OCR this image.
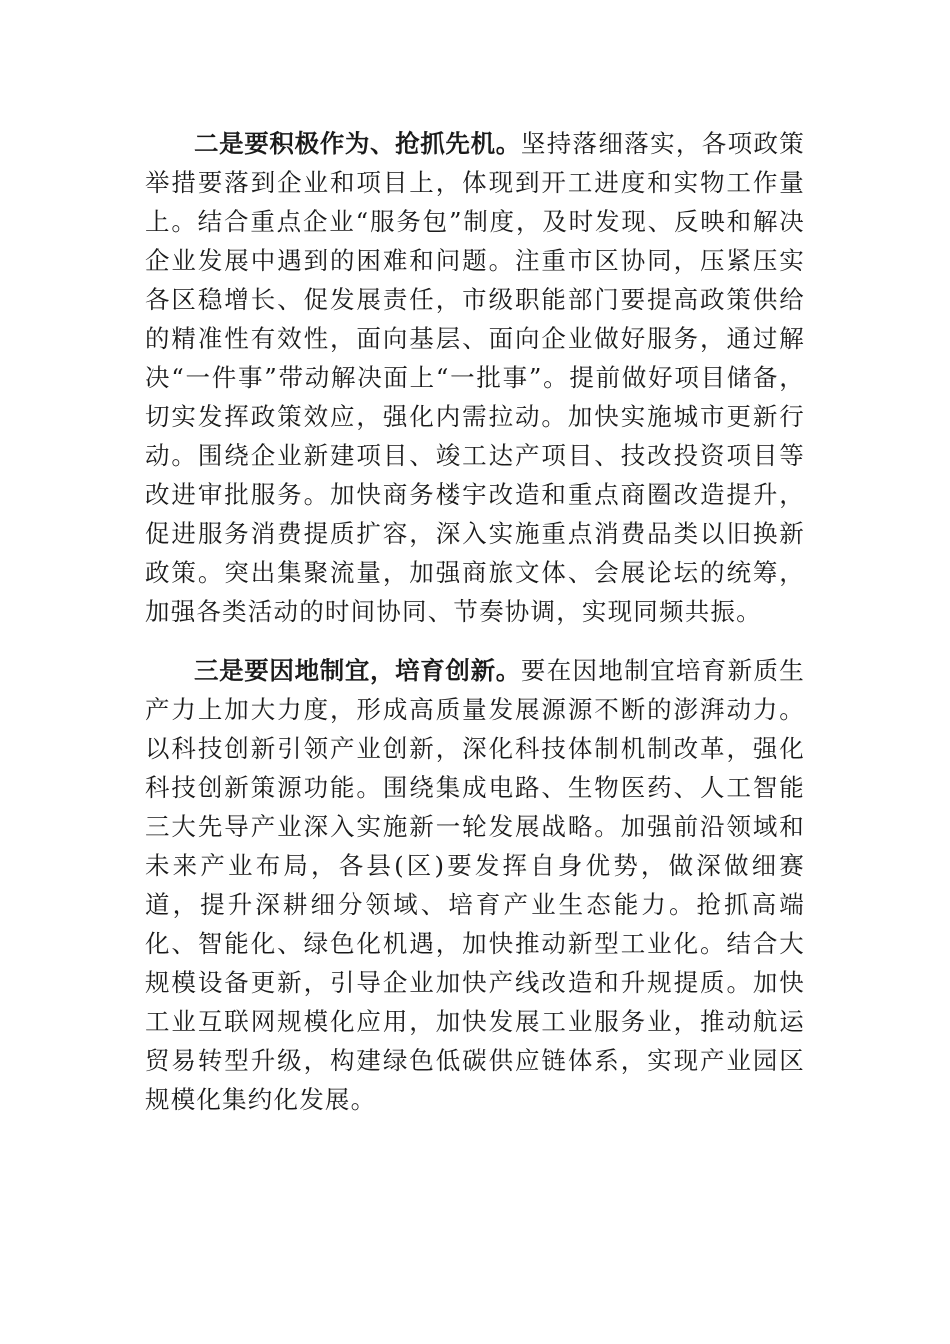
二是要积极作为、抢抓先机。坚持落细落实，各项政策举措要落到企业和项目上，体现到开工进度和实物工作量上。结合重点企业“服务包”制度，及时发现、反映和解决企业发展中遇到的困难和问题。注重市区协同，压紧压实各区稳增长、促发展责任，市级职能部门要提高政策供给的精准性有效性，面向基层、面向企业做好服务，通过解决“一件事”带动解决面上“一批事”。提前做好项目储备，切实发挥政策效应，强化内需拉动。加快实施城市更新行动。围绕企业新建项目、竣工达产项目、技改投资项目等改进审批服务。加快商务楼宇改造和重点商圈改造提升，促进服务消费提质扩容，深入实施重点消费品类以旧换新政策。突出集聚流量，加强商旅文体、会展论坛的统筹，加强各类活动的时间协同、节奏协调，实现同频共振。

三是要因地制宜，培育创新。要在因地制宜培育新质生产力上加大力度，形成高质量发展源源不断的澎湃动力。以科技创新引领产业创新，深化科技体制机制改革，强化科技创新策源功能。围绕集成电路、生物医药、人工智能三大先导产业深入实施新一轮发展战略。加强前沿领域和未来产业布局，各县(区)要发挥自身优势，做深做细赛道，提升深耕细分领域、培育产业生态能力。抢抓高端化、智能化、绿色化机遇，加快推动新型工业化。结合大规模设备更新，引导企业加快产线改造和升规提质。加快工业互联网规模化应用，加快发展工业服务业，推动航运贸易转型升级，构建绿色低碳供应链体系，实现产业园区规模化集约化发展。
